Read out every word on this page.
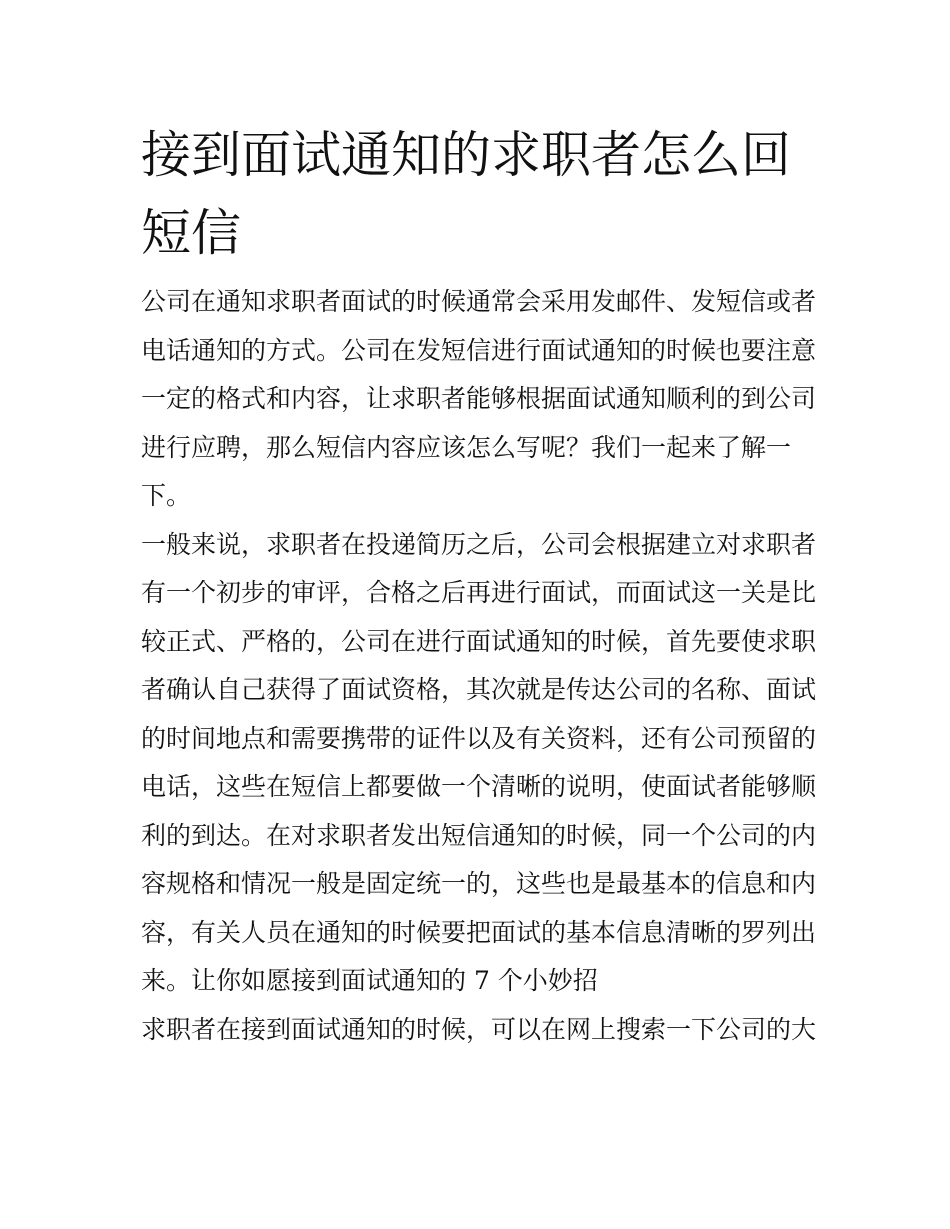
接到面试通知的求职者怎么回短信

公司在通知求职者面试的时候通常会采用发邮件、发短信或者电话通知的方式。公司在发短信进行面试通知的时候也要注意一定的格式和内容，让求职者能够根据面试通知顺利的到公司进行应聘，那么短信内容应该怎么写呢？我们一起来了解一下。

一般来说，求职者在投递简历之后，公司会根据建立对求职者有一个初步的审评，合格之后再进行面试，而面试这一关是比较正式、严格的，公司在进行面试通知的时候，首先要使求职者确认自己获得了面试资格，其次就是传达公司的名称、面试的时间地点和需要携带的证件以及有关资料，还有公司预留的电话，这些在短信上都要做一个清晰的说明，使面试者能够顺利的到达。在对求职者发出短信通知的时候，同一个公司的内容规格和情况一般是固定统一的，这些也是最基本的信息和内容，有关人员在通知的时候要把面试的基本信息清晰的罗列出来。让你如愿接到面试通知的 7 个小妙招

求职者在接到面试通知的时候，可以在网上搜索一下公司的大
